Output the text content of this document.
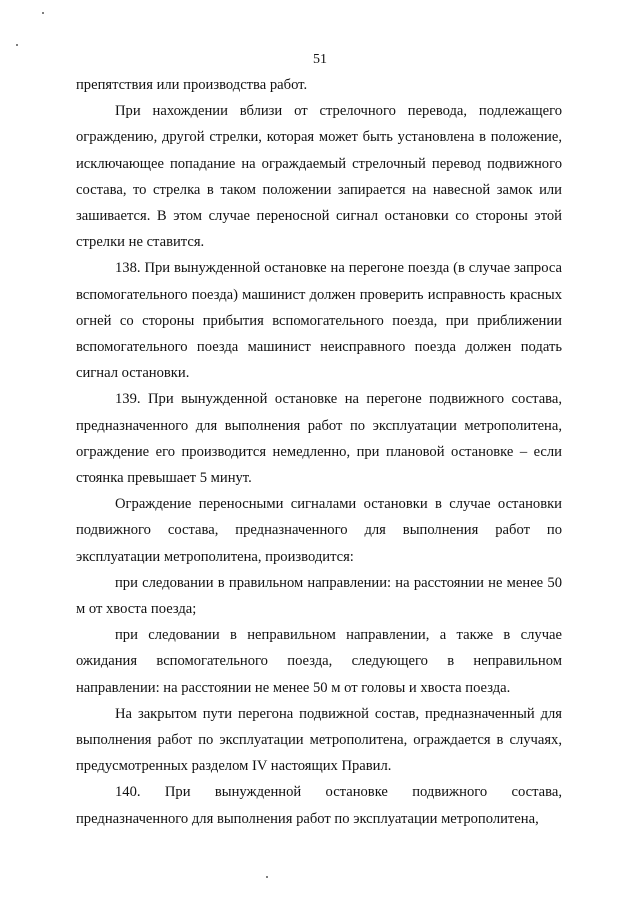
51

препятствия или производства работ.

При нахождении вблизи от стрелочного перевода, подлежащего ограждению, другой стрелки, которая может быть установлена в положение, исключающее попадание на ограждаемый стрелочный перевод подвижного состава, то стрелка в таком положении запирается на навесной замок или зашивается. В этом случае переносной сигнал остановки со стороны этой стрелки не ставится.

138. При вынужденной остановке на перегоне поезда (в случае запроса вспомогательного поезда) машинист должен проверить исправность красных огней со стороны прибытия вспомогательного поезда, при приближении вспомогательного поезда машинист неисправного поезда должен подать сигнал остановки.

139. При вынужденной остановке на перегоне подвижного состава, предназначенного для выполнения работ по эксплуатации метрополитена, ограждение его производится немедленно, при плановой остановке – если стоянка превышает 5 минут.

Ограждение переносными сигналами остановки в случае остановки подвижного состава, предназначенного для выполнения работ по эксплуатации метрополитена, производится:

при следовании в правильном направлении: на расстоянии не менее 50 м от хвоста поезда;

при следовании в неправильном направлении, а также в случае ожидания вспомогательного поезда, следующего в неправильном направлении: на расстоянии не менее 50 м от головы и хвоста поезда.

На закрытом пути перегона подвижной состав, предназначенный для выполнения работ по эксплуатации метрополитена, ограждается в случаях, предусмотренных разделом IV настоящих Правил.

140. При вынужденной остановке подвижного состава, предназначенного для выполнения работ по эксплуатации метрополитена,
